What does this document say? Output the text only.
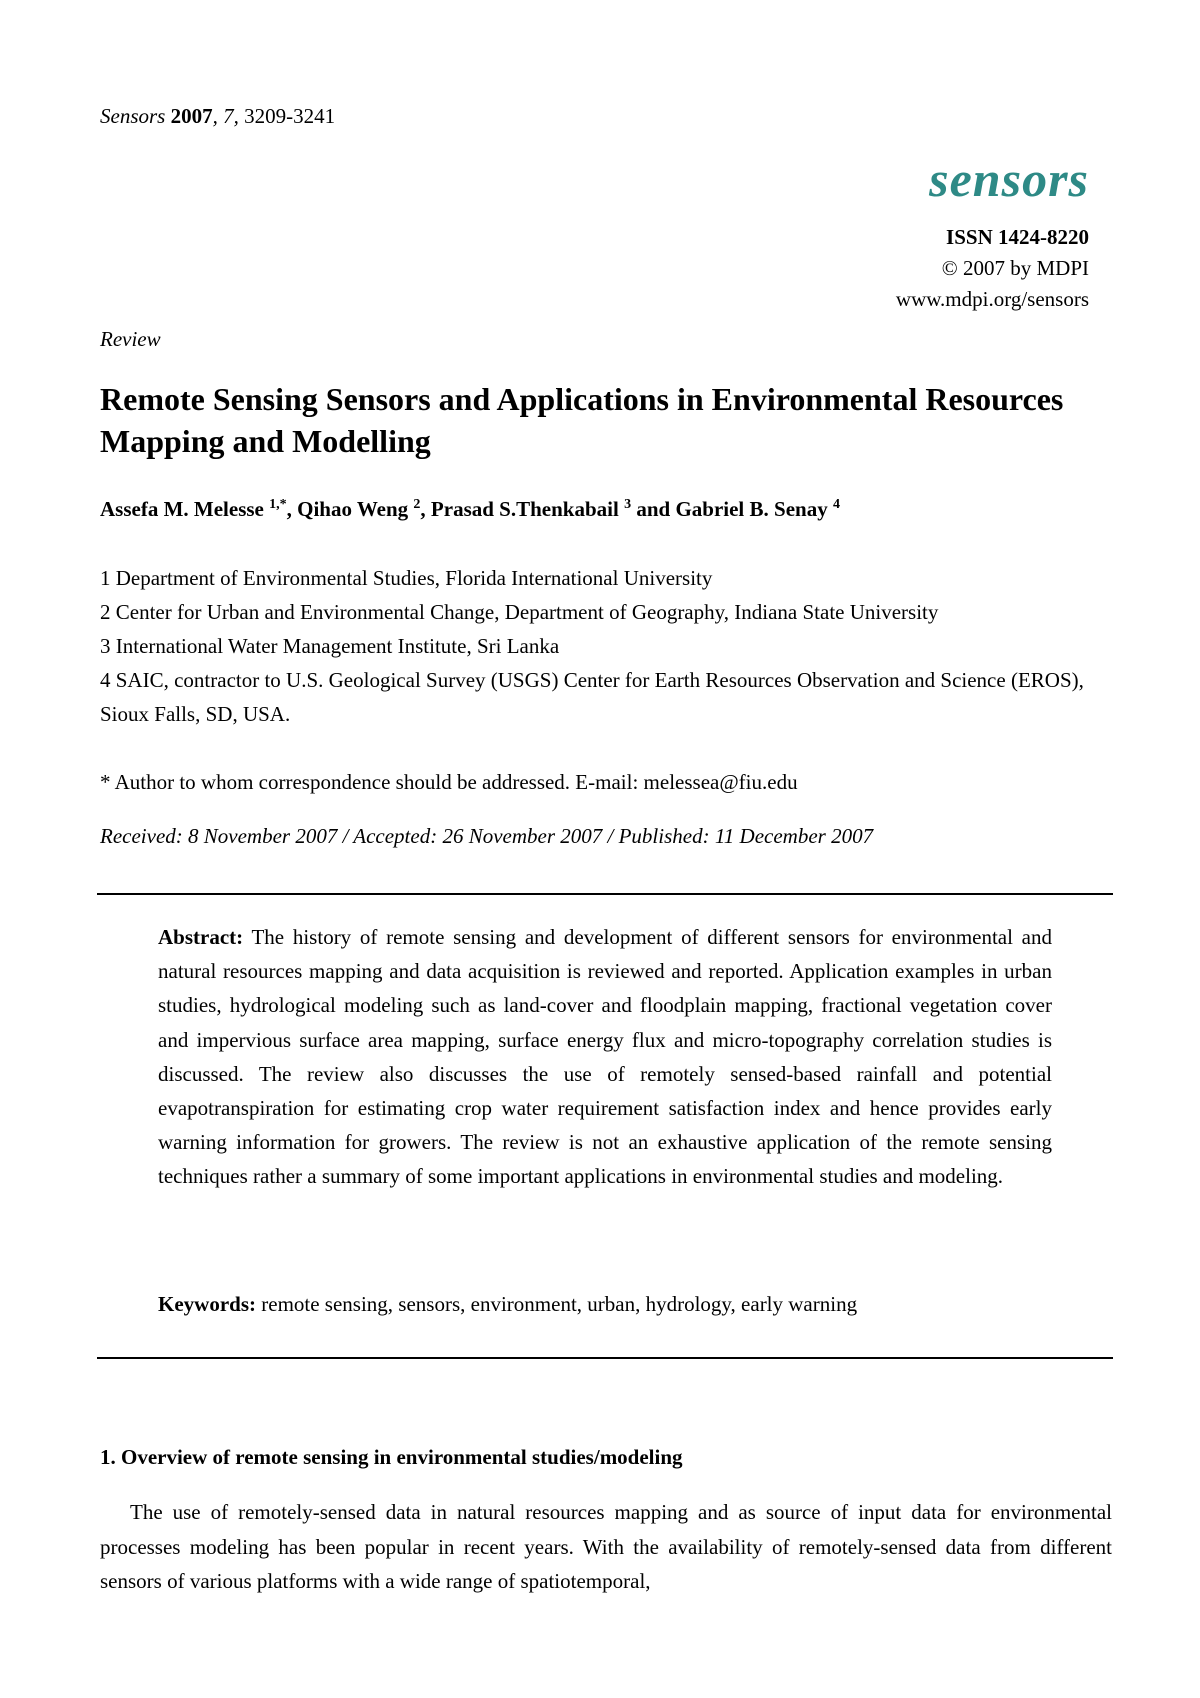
Sensors 2007, 7, 3209-3241
sensors
ISSN 1424-8220
© 2007 by MDPI
www.mdpi.org/sensors
Review
Remote Sensing Sensors and Applications in Environmental Resources Mapping and Modelling
Assefa M. Melesse $^{1,*}$, Qihao Weng $^2$, Prasad S.Thenkabail $^3$ and Gabriel B. Senay $^4$
1 Department of Environmental Studies, Florida International University
2 Center for Urban and Environmental Change, Department of Geography, Indiana State University
3 International Water Management Institute, Sri Lanka
4 SAIC, contractor to U.S. Geological Survey (USGS) Center for Earth Resources Observation and Science (EROS), Sioux Falls, SD, USA.
* Author to whom correspondence should be addressed. E-mail: melessea@fiu.edu
Received: 8 November 2007 / Accepted: 26 November 2007 / Published: 11 December 2007
Abstract: The history of remote sensing and development of different sensors for environmental and natural resources mapping and data acquisition is reviewed and reported. Application examples in urban studies, hydrological modeling such as land-cover and floodplain mapping, fractional vegetation cover and impervious surface area mapping, surface energy flux and micro-topography correlation studies is discussed. The review also discusses the use of remotely sensed-based rainfall and potential evapotranspiration for estimating crop water requirement satisfaction index and hence provides early warning information for growers. The review is not an exhaustive application of the remote sensing techniques rather a summary of some important applications in environmental studies and modeling.
Keywords: remote sensing, sensors, environment, urban, hydrology, early warning
1. Overview of remote sensing in environmental studies/modeling

The use of remotely-sensed data in natural resources mapping and as source of input data for environmental processes modeling has been popular in recent years. With the availability of remotely-sensed data from different sensors of various platforms with a wide range of spatiotemporal,
